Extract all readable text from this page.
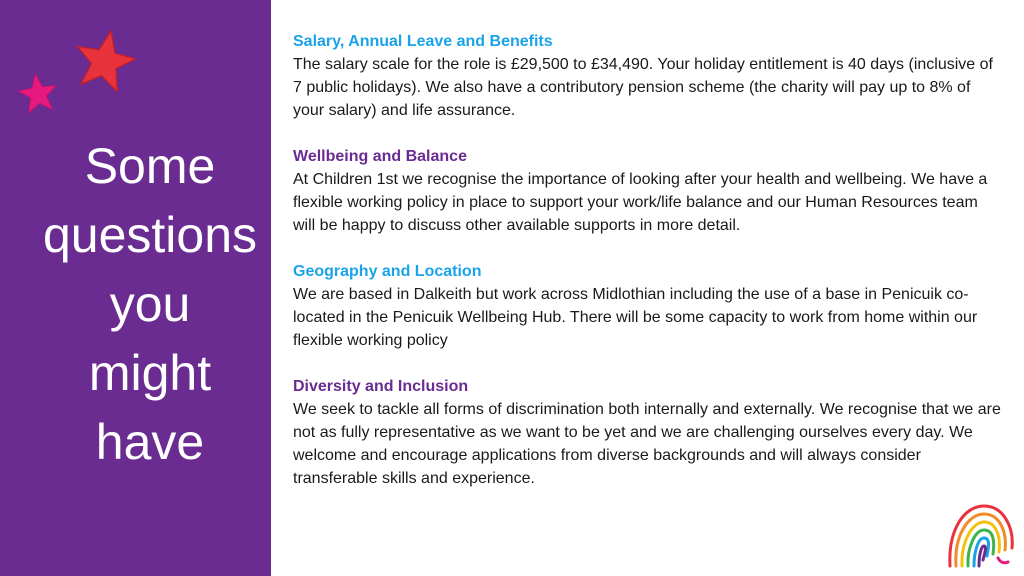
Some
questions
you
might
have
Salary, Annual Leave and Benefits

The salary scale for the role is £29,500 to £34,490. Your holiday entitlement is 40 days (inclusive of 7 public holidays). We also have a contributory pension scheme (the charity will pay up to 8% of your salary) and life assurance.

Wellbeing and Balance

At Children 1st we recognise the importance of looking after your health and wellbeing. We have a flexible working policy in place to support your work/life balance and our Human Resources team will be happy to discuss other available supports in more detail.

Geography and Location

We are based in Dalkeith but work across Midlothian including the use of a base in Penicuik co-located in the Penicuik Wellbeing Hub. There will be some capacity to work from home within our flexible working policy

Diversity and Inclusion

We seek to tackle all forms of discrimination both internally and externally. We recognise that we are not as fully representative as we want to be yet and we are challenging ourselves every day. We welcome and encourage applications from diverse backgrounds and will always consider transferable skills and experience.
